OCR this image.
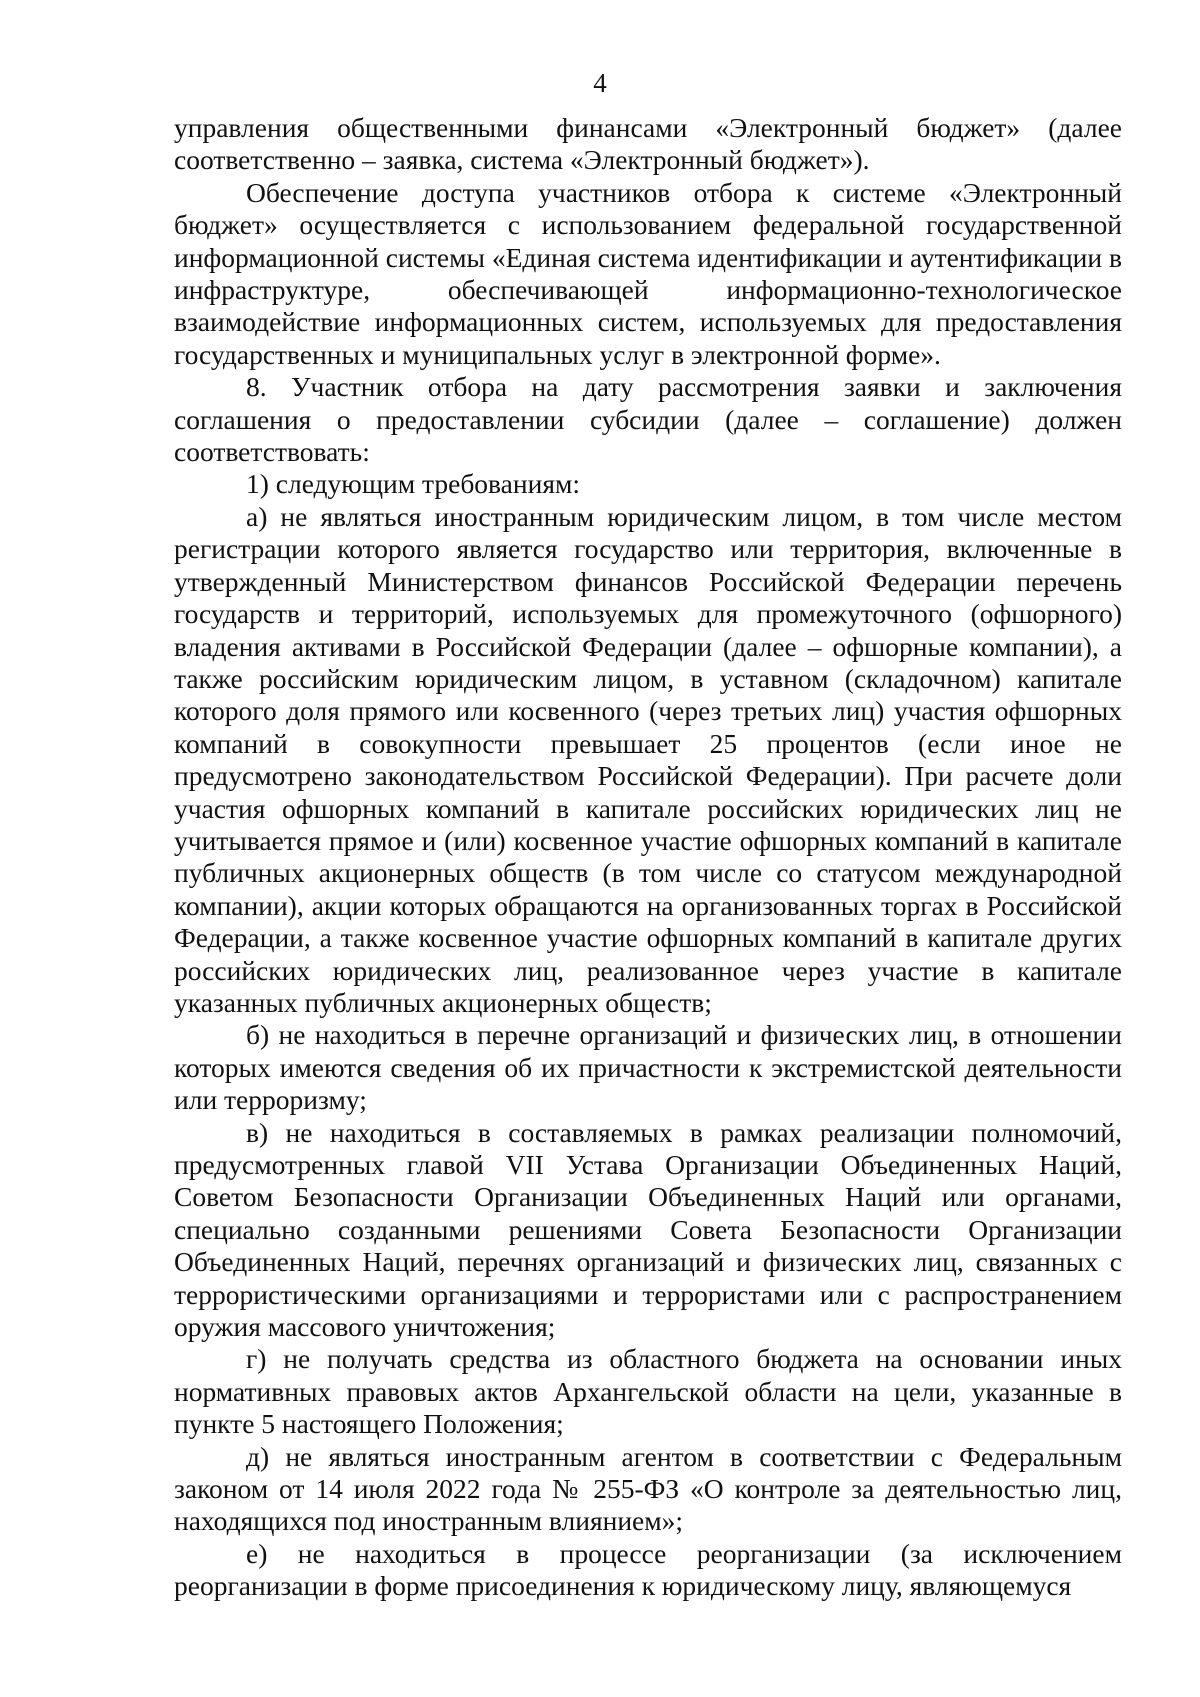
4

управления общественными финансами «Электронный бюджет» (далее соответственно – заявка, система «Электронный бюджет»).

Обеспечение доступа участников отбора к системе «Электронный бюджет» осуществляется с использованием федеральной государственной информационной системы «Единая система идентификации и аутентификации в инфраструктуре, обеспечивающей информационно-технологическое взаимодействие информационных систем, используемых для предоставления государственных и муниципальных услуг в электронной форме».

8. Участник отбора на дату рассмотрения заявки и заключения соглашения о предоставлении субсидии (далее – соглашение) должен соответствовать:

1) следующим требованиям:

а) не являться иностранным юридическим лицом, в том числе местом регистрации которого является государство или территория, включенные в утвержденный Министерством финансов Российской Федерации перечень государств и территорий, используемых для промежуточного (офшорного) владения активами в Российской Федерации (далее – офшорные компании), а также российским юридическим лицом, в уставном (складочном) капитале которого доля прямого или косвенного (через третьих лиц) участия офшорных компаний в совокупности превышает 25 процентов (если иное не предусмотрено законодательством Российской Федерации). При расчете доли участия офшорных компаний в капитале российских юридических лиц не учитывается прямое и (или) косвенное участие офшорных компаний в капитале публичных акционерных обществ (в том числе со статусом международной компании), акции которых обращаются на организованных торгах в Российской Федерации, а также косвенное участие офшорных компаний в капитале других российских юридических лиц, реализованное через участие в капитале указанных публичных акционерных обществ;

б) не находиться в перечне организаций и физических лиц, в отношении которых имеются сведения об их причастности к экстремистской деятельности или терроризму;

в) не находиться в составляемых в рамках реализации полномочий, предусмотренных главой VII Устава Организации Объединенных Наций, Советом Безопасности Организации Объединенных Наций или органами, специально созданными решениями Совета Безопасности Организации Объединенных Наций, перечнях организаций и физических лиц, связанных с террористическими организациями и террористами или с распространением оружия массового уничтожения;

г) не получать средства из областного бюджета на основании иных нормативных правовых актов Архангельской области на цели, указанные в пункте 5 настоящего Положения;

д) не являться иностранным агентом в соответствии с Федеральным законом от 14 июля 2022 года № 255-ФЗ «О контроле за деятельностью лиц, находящихся под иностранным влиянием»;

е) не находиться в процессе реорганизации (за исключением реорганизации в форме присоединения к юридическому лицу, являющемуся
